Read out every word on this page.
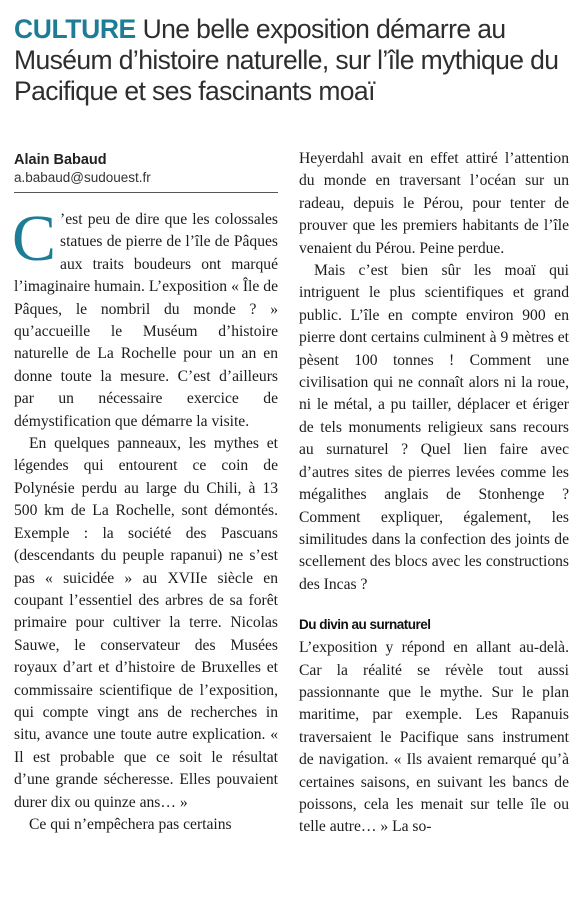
CULTURE Une belle exposition démarre au Muséum d’histoire naturelle, sur l’île mythique du Pacifique et ses fascinants moaï
Alain Babaud
a.babaud@sudouest.fr

C ’est peu de dire que les colossales statues de pierre de l’île de Pâques aux traits boudeurs ont marqué l’imaginaire humain. L’exposition « Île de Pâques, le nombril du monde ? » qu’accueille le Muséum d’histoire naturelle de La Rochelle pour un an en donne toute la mesure. C’est d’ailleurs par un nécessaire exercice de démystification que démarre la visite.

En quelques panneaux, les mythes et légendes qui entourent ce coin de Polynésie perdu au large du Chili, à 13 500 km de La Rochelle, sont démontés. Exemple : la société des Pascuans (descendants du peuple rapanui) ne s’est pas « suicidée » au XVIIe siècle en coupant l’essentiel des arbres de sa forêt primaire pour cultiver la terre. Nicolas Sauwe, le conservateur des Musées royaux d’art et d’histoire de Bruxelles et commissaire scientifique de l’exposition, qui compte vingt ans de recherches in situ, avance une toute autre explication. « Il est probable que ce soit le résultat d’une grande sécheresse. Elles pouvaient durer dix ou quinze ans… »

Ce qui n’empêchera pas certains

Heyerdahl avait en effet attiré l’attention du monde en traversant l’océan sur un radeau, depuis le Pérou, pour tenter de prouver que les premiers habitants de l’île venaient du Pérou. Peine perdue.

Mais c’est bien sûr les moaï qui intriguent le plus scientifiques et grand public. L’île en compte environ 900 en pierre dont certains culminent à 9 mètres et pèsent 100 tonnes ! Comment une civilisation qui ne connaît alors ni la roue, ni le métal, a pu tailler, déplacer et ériger de tels monuments religieux sans recours au surnaturel ? Quel lien faire avec d’autres sites de pierres levées comme les mégalithes anglais de Stonhenge ? Comment expliquer, également, les similitudes dans la confection des joints de scellement des blocs avec les constructions des Incas ?

Du divin au surnaturel

L’exposition y répond en allant au-delà. Car la réalité se révèle tout aussi passionnante que le mythe. Sur le plan maritime, par exemple. Les Rapanuis traversaient le Pacifique sans instrument de navigation. « Ils avaient remarqué qu’à certaines saisons, en suivant les bancs de poissons, cela les menait sur telle île ou telle autre… » La so-
